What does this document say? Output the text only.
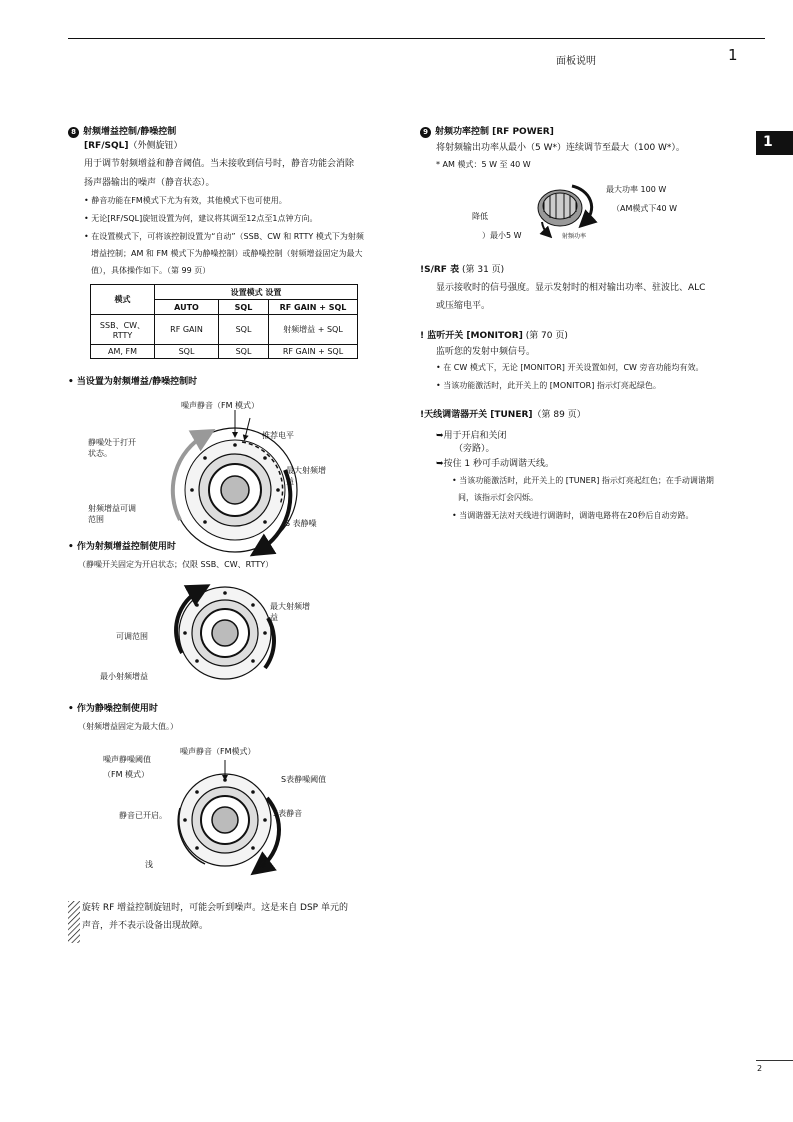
面板说明	1
1
8 射频增益控制/静噪控制
[RF/SQL]（外侧旋钮）
用于调节射频增益和静音阈值。当未接收到信号时，静音功能会消除
扬声器输出的噪声（静音状态）。
• 静音功能在FM模式下尤为有效，其他模式下也可使用。
• 无论[RF/SQL]旋钮设置为何，建议将其调至12点至1点钟方向。
• 在设置模式下，可将该控制设置为“自动”（SSB、CW 和 RTTY 模式下为射频
增益控制；AM 和 FM 模式下为静噪控制）或静噪控制（射频增益固定为最大
值），具体操作如下。（第 99 页）
模式	设置模式 设置		
	AUTO	SQL	RF GAIN + SQL
SSB、CW、
RTTY	RF GAIN	SQL	射频增益 + SQL
AM, FM	SQL	SQL	RF GAIN + SQL
• 当设置为射频增益/静噪控制时
噪声静音（FM 模式）
推荐电平
静噪处于打开
状态。
最大射频增
益
射频增益可调
范围	S 表静噪
• 作为射频增益控制使用时
（静噪开关固定为开启状态；仅限 SSB、CW、RTTY）
最大射频增
益
可调范围
最小射频增益
• 作为静噪控制使用时
（射频增益固定为最大值。）
噪声静音（FM模式）
噪声静噪阈值
（FM 模式）
S表静噪阈值
静音已开启。	S表静音
浅	深
旋转 RF 增益控制旋钮时，可能会听到噪声。这是来自 DSP 单元的
声音，并不表示设备出现故障。
9 射频功率控制 [RF POWER]
将射频输出功率从最小（5 W*）连续调节至最大（100 W*）。
* AM 模式：5 W 至 40 W
射频功率
最大功率 100 W
（AM模式下40 W
降低
）最小5 W
!S/RF 表 (第 31 页)
显示接收时的信号强度。显示发射时的相对输出功率、驻波比、ALC
或压缩电平。
! 监听开关 [MONITOR] (第 70 页)
监听您的发射中频信号。
• 在 CW 模式下，无论 [MONITOR] 开关设置如何，CW 旁音功能均有效。
• 当该功能激活时，此开关上的 [MONITOR] 指示灯亮起绿色。
!天线调谐器开关 [TUNER]（第 89 页）
➥用于开启和关闭
（旁路）。
➥按住 1 秒可手动调谐天线。
• 当该功能激活时，此开关上的 [TUNER] 指示灯亮起红色；在手动调谐期
间，该指示灯会闪烁。
• 当调谐器无法对天线进行调谐时，调谐电路将在20秒后自动旁路。
2
